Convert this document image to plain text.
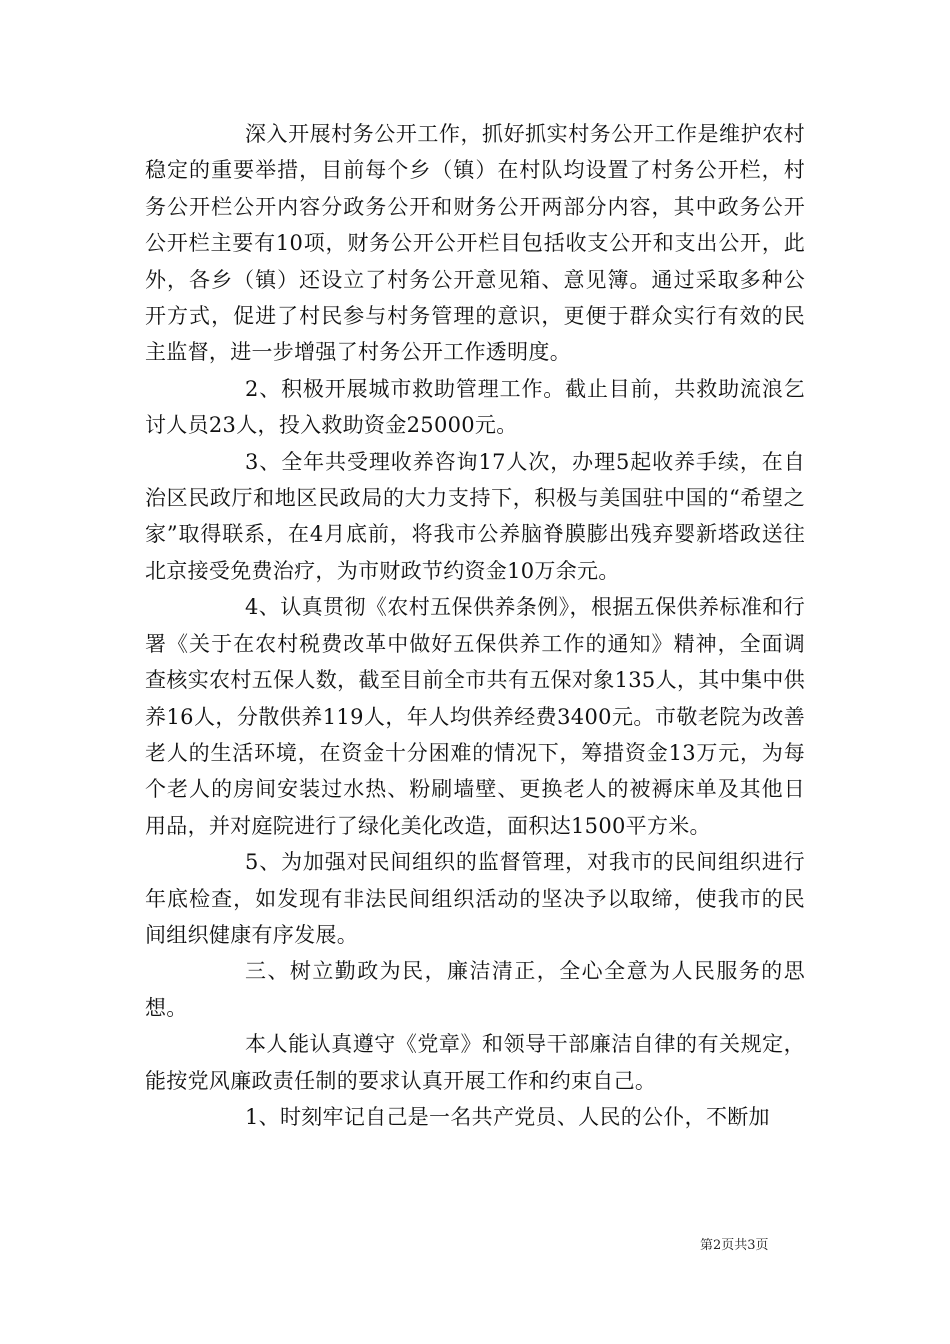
深入开展村务公开工作，抓好抓实村务公开工作是维护农村稳定的重要举措，目前每个乡（镇）在村队均设置了村务公开栏，村务公开栏公开内容分政务公开和财务公开两部分内容，其中政务公开公开栏主要有10项，财务公开公开栏目包括收支公开和支出公开，此外，各乡（镇）还设立了村务公开意见箱、意见簿。通过采取多种公开方式，促进了村民参与村务管理的意识，更便于群众实行有效的民主监督，进一步增强了村务公开工作透明度。

2、积极开展城市救助管理工作。截止目前，共救助流浪乞讨人员23人，投入救助资金25000元。

3、全年共受理收养咨询17人次，办理5起收养手续，在自治区民政厅和地区民政局的大力支持下，积极与美国驻中国的“希望之家”取得联系，在4月底前，将我市公养脑脊膜膨出残弃婴新塔政送往北京接受免费治疗，为市财政节约资金10万余元。

4、认真贯彻《农村五保供养条例》，根据五保供养标准和行署《关于在农村税费改革中做好五保供养工作的通知》精神，全面调查核实农村五保人数，截至目前全市共有五保对象135人，其中集中供养16人，分散供养119人，年人均供养经费3400元。市敬老院为改善老人的生活环境，在资金十分困难的情况下，筹措资金13万元，为每个老人的房间安装过水热、粉刷墙壁、更换老人的被褥床单及其他日用品，并对庭院进行了绿化美化改造，面积达1500平方米。

5、为加强对民间组织的监督管理，对我市的民间组织进行年底检查，如发现有非法民间组织活动的坚决予以取缔，使我市的民间组织健康有序发展。

三、树立勤政为民，廉洁清正，全心全意为人民服务的思想。

本人能认真遵守《党章》和领导干部廉洁自律的有关规定，能按党风廉政责任制的要求认真开展工作和约束自己。

1、时刻牢记自己是一名共产党员、人民的公仆，不断加

第2页共3页
